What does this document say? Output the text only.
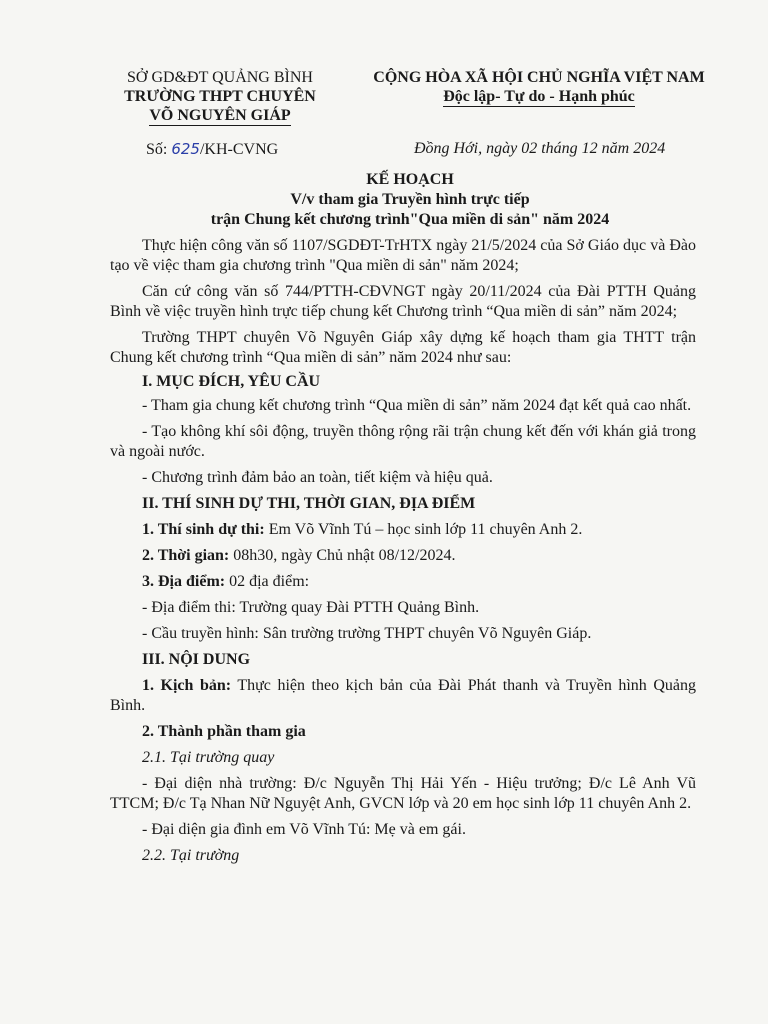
SỞ GD&ĐT QUẢNG BÌNH
TRƯỜNG THPT CHUYÊN
VÕ NGUYÊN GIÁP
CỘNG HÒA XÃ HỘI CHỦ NGHĨA VIỆT NAM
Độc lập- Tự do - Hạnh phúc
Số: 625/KH-CVNG	Đồng Hới, ngày 02 tháng 12 năm 2024
KẾ HOẠCH
V/v tham gia Truyền hình trực tiếp
trận Chung kết chương trình"Qua miền di sản" năm 2024

Thực hiện công văn số 1107/SGDĐT-TrHTX ngày 21/5/2024 của Sở Giáo dục và Đào tạo về việc tham gia chương trình "Qua miền di sản" năm 2024;

Căn cứ công văn số 744/PTTH-CĐVNGT ngày 20/11/2024 của Đài PTTH Quảng Bình về việc truyền hình trực tiếp chung kết Chương trình “Qua miền di sản” năm 2024;

Trường THPT chuyên Võ Nguyên Giáp xây dựng kế hoạch tham gia THTT trận Chung kết chương trình “Qua miền di sản” năm 2024 như sau:

I. MỤC ĐÍCH, YÊU CẦU

- Tham gia chung kết chương trình “Qua miền di sản” năm 2024 đạt kết quả cao nhất.

- Tạo không khí sôi động, truyền thông rộng rãi trận chung kết đến với khán giả trong và ngoài nước.

- Chương trình đảm bảo an toàn, tiết kiệm và hiệu quả.

II. THÍ SINH DỰ THI, THỜI GIAN, ĐỊA ĐIỂM

1. Thí sinh dự thi: Em Võ Vĩnh Tú – học sinh lớp 11 chuyên Anh 2.

2. Thời gian: 08h30, ngày Chủ nhật 08/12/2024.

3. Địa điểm: 02 địa điểm:

- Địa điểm thi: Trường quay Đài PTTH Quảng Bình.

- Cầu truyền hình: Sân trường trường THPT chuyên Võ Nguyên Giáp.

III. NỘI DUNG

1. Kịch bản: Thực hiện theo kịch bản của Đài Phát thanh và Truyền hình Quảng Bình.

2. Thành phần tham gia

2.1. Tại trường quay

- Đại diện nhà trường: Đ/c Nguyễn Thị Hải Yến - Hiệu trưởng; Đ/c Lê Anh Vũ TTCM; Đ/c Tạ Nhan Nữ Nguyệt Anh, GVCN lớp và 20 em học sinh lớp 11 chuyên Anh 2.

- Đại diện gia đình em Võ Vĩnh Tú: Mẹ và em gái.

2.2. Tại trường
